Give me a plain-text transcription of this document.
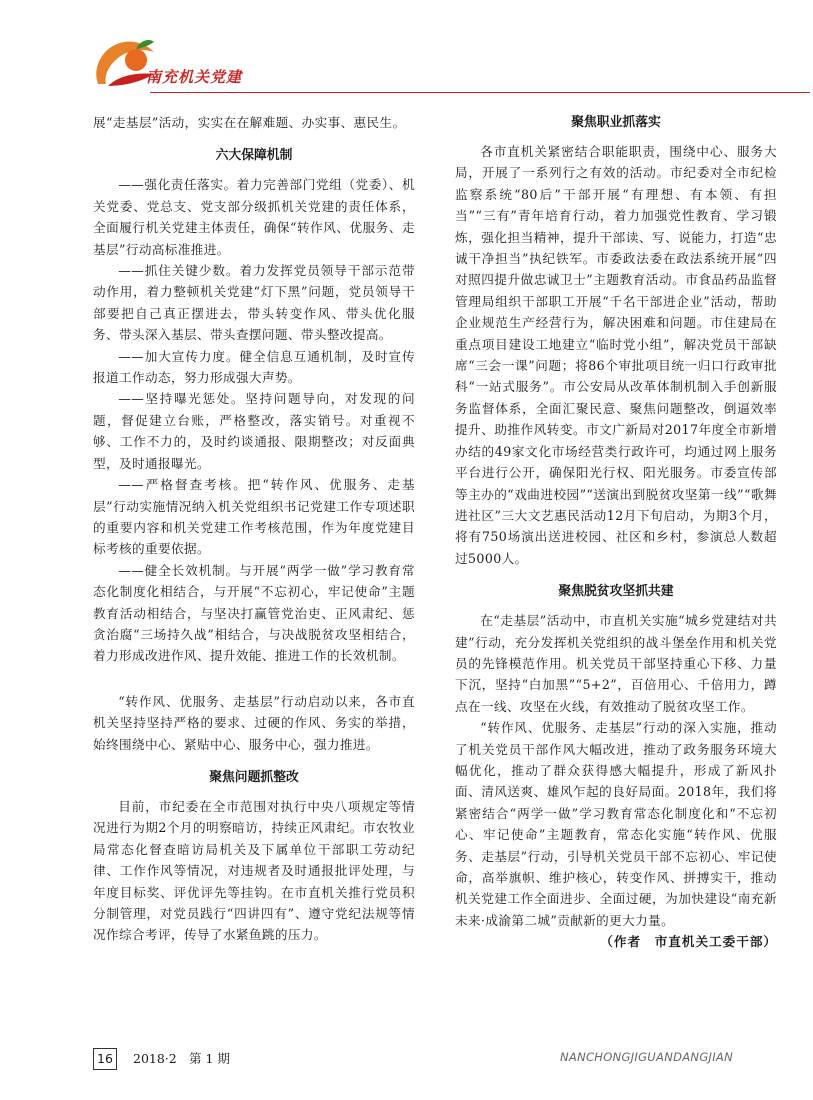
南充机关党建

展“走基层”活动，实实在在解难题、办实事、惠民生。

六大保障机制

——强化责任落实。着力完善部门党组（党委）、机关党委、党总支、党支部分级抓机关党建的责任体系，全面履行机关党建主体责任，确保“转作风、优服务、走基层”行动高标准推进。

——抓住关键少数。着力发挥党员领导干部示范带动作用，着力整顿机关党建“灯下黑”问题，党员领导干部要把自己真正摆进去，带头转变作风、带头优化服务、带头深入基层、带头查摆问题、带头整改提高。

——加大宣传力度。健全信息互通机制，及时宣传报道工作动态，努力形成强大声势。

——坚持曝光惩处。坚持问题导向，对发现的问题，督促建立台账，严格整改，落实销号。对重视不够、工作不力的，及时约谈通报、限期整改；对反面典型，及时通报曝光。

——严格督查考核。把“转作风、优服务、走基层”行动实施情况纳入机关党组织书记党建工作专项述职的重要内容和机关党建工作考核范围，作为年度党建目标考核的重要依据。

——健全长效机制。与开展“两学一做”学习教育常态化制度化相结合，与开展“不忘初心，牢记使命”主题教育活动相结合，与坚决打赢管党治吏、正风肃纪、惩贪治腐“三场持久战”相结合，与决战脱贫攻坚相结合，着力形成改进作风、提升效能、推进工作的长效机制。

“转作风、优服务、走基层”行动启动以来，各市直机关坚持坚持严格的要求、过硬的作风、务实的举措，始终围绕中心、紧贴中心、服务中心，强力推进。

聚焦问题抓整改

目前，市纪委在全市范围对执行中央八项规定等情况进行为期2个月的明察暗访，持续正风肃纪。市农牧业局常态化督查暗访局机关及下属单位干部职工劳动纪律、工作作风等情况，对违规者及时通报批评处理，与年度目标奖、评优评先等挂钩。在市直机关推行党员积分制管理，对党员践行“四讲四有”、遵守党纪法规等情况作综合考评，传导了水紧鱼跳的压力。

聚焦职业抓落实

各市直机关紧密结合职能职责，围绕中心、服务大局，开展了一系列行之有效的活动。市纪委对全市纪检监察系统“80后”干部开展“有理想、有本领、有担当”“三有”青年培育行动，着力加强党性教育、学习锻炼，强化担当精神，提升干部读、写、说能力，打造“忠诚干净担当”执纪铁军。市委政法委在政法系统开展“四对照四提升做忠诚卫士”主题教育活动。市食品药品监督管理局组织干部职工开展“千名干部进企业”活动，帮助企业规范生产经营行为，解决困难和问题。市住建局在重点项目建设工地建立“临时党小组”，解决党员干部缺席“三会一课”问题；将86个审批项目统一归口行政审批科“一站式服务”。市公安局从改革体制机制入手创新服务监督体系，全面汇聚民意、聚焦问题整改，倒逼效率提升、助推作风转变。市文广新局对2017年度全市新增办结的49家文化市场经营类行政许可，均通过网上服务平台进行公开，确保阳光行权、阳光服务。市委宣传部等主办的“戏曲进校园”“送演出到脱贫攻坚第一线”“歌舞进社区”三大文艺惠民活动12月下旬启动，为期3个月，将有750场演出送进校园、社区和乡村，参演总人数超过5000人。

聚焦脱贫攻坚抓共建

在“走基层”活动中，市直机关实施“城乡党建结对共建”行动，充分发挥机关党组织的战斗堡垒作用和机关党员的先锋模范作用。机关党员干部坚持重心下移、力量下沉，坚持“白加黑”“5+2”，百倍用心、千倍用力，蹲点在一线、攻坚在火线，有效推动了脱贫攻坚工作。

“转作风、优服务、走基层”行动的深入实施，推动了机关党员干部作风大幅改进，推动了政务服务环境大幅优化，推动了群众获得感大幅提升，形成了新风扑面、清风送爽、雄风乍起的良好局面。2018年，我们将紧密结合“两学一做”学习教育常态化制度化和“不忘初心、牢记使命”主题教育，常态化实施“转作风、优服务、走基层”行动，引导机关党员干部不忘初心、牢记使命，高举旗帜、维护核心，转变作风、拼搏实干，推动机关党建工作全面进步、全面过硬，为加快建设“南充新未来·成渝第二城”贡献新的更大力量。

（作者　市直机关工委干部）

16	2018·2 第 1 期	NANCHONGJIGUANDANGJIAN
